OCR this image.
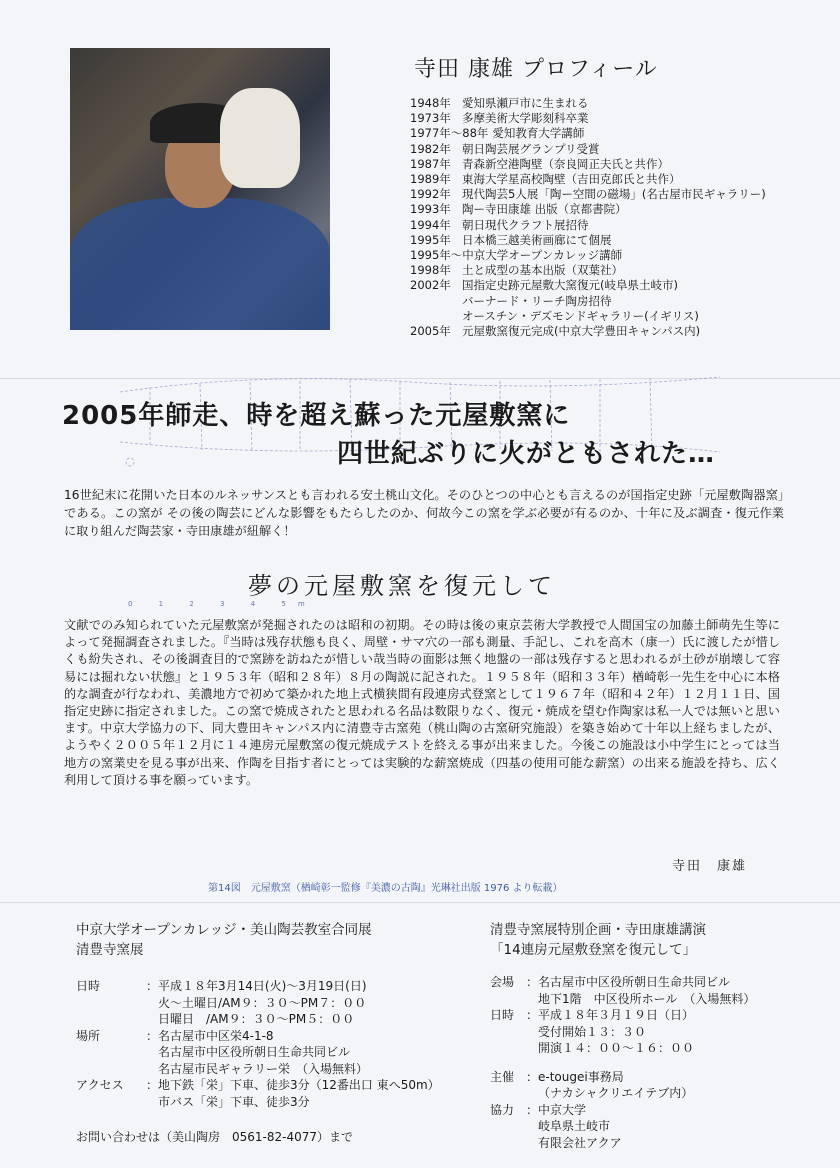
寺田 康雄 プロフィール
1948年 愛知県瀬戸市に生まれる
1973年 多摩美術大学彫刻科卒業
1977年〜88年 愛知教育大学講師
1982年 朝日陶芸展グランプリ受賞
1987年 青森新空港陶壁（奈良岡正夫氏と共作）
1989年 東海大学星高校陶壁（吉田克郎氏と共作）
1992年 現代陶芸5人展「陶ー空間の磁場」(名古屋市民ギャラリー)
1993年 陶ー寺田康雄 出版（京都書院）
1994年 朝日現代クラフト展招待
1995年 日本橋三越美術画廊にて個展
1995年〜 中京大学オープンカレッジ講師
1998年 土と成型の基本出版（双葉社）
2002年 国指定史跡元屋敷大窯復元(岐阜県土岐市)
バーナード・リーチ陶房招待
オースチン・デズモンドギャラリー(イギリス)
2005年 元屋敷窯復元完成(中京大学豊田キャンパス内)
2005年師走、時を超え蘇った元屋敷窯に
四世紀ぶりに火がともされた…
16世紀末に花開いた日本のルネッサンスとも言われる安土桃山文化。そのひとつの中心とも言えるのが国指定史跡「元屋敷陶器窯」である。この窯が その後の陶芸にどんな影響をもたらしたのか、何故今この窯を学ぶ必要が有るのか、十年に及ぶ調査・復元作業に取り組んだ陶芸家・寺田康雄が紐解く！
夢の元屋敷窯を復元して
0 1 2 3 4 5m
文献でのみ知られていた元屋敷窯が発掘されたのは昭和の初期。その時は後の東京芸術大学教授で人間国宝の加藤土師萌先生等によって発掘調査されました。『当時は残存状態も良く、周壁・サマ穴の一部も測量、手記し、これを高木（康一）氏に渡したが惜しくも紛失され、その後調査目的で窯跡を訪ねたが惜しい哉当時の面影は無く地盤の一部は残存すると思われるが土砂が崩壊して容易には掘れない状態』と１９５３年（昭和２８年）８月の陶説に記された。１９５８年（昭和３３年）楢崎彰一先生を中心に本格的な調査が行なわれ、美濃地方で初めて築かれた地上式横狭間有段連房式登窯として１９６７年（昭和４２年）１２月１１日、国指定史跡に指定されました。この窯で焼成されたと思われる名品は数限りなく、復元・焼成を望む作陶家は私一人では無いと思います。中京大学協力の下、同大豊田キャンパス内に清豊寺古窯苑（桃山陶の古窯研究施設）を築き始めて十年以上経ちましたが、ようやく２００５年１２月に１４連房元屋敷窯の復元焼成テストを終える事が出来ました。今後この施設は小中学生にとっては当地方の窯業史を見る事が出来、作陶を目指す者にとっては実験的な薪窯焼成（四基の使用可能な薪窯）の出来る施設を持ち、広く利用して頂ける事を願っています。
寺田　康雄
第14図　元屋敷窯（楢崎彰一監修『美濃の古陶』光琳社出版 1976 より転載）
中京大学オープンカレッジ・美山陶芸教室合同展
清豊寺窯展
日時	： 平成１８年3月14日(火)〜3月19日(日)
火〜土曜日/AM９：３０〜PM７：００
日曜日　/AM９：３０〜PM５：００
場所	： 名古屋市中区栄4-1-8
名古屋市中区役所朝日生命共同ビル
名古屋市民ギャラリー栄　（入場無料）
アクセス	： 地下鉄「栄」下車、徒歩3分（12番出口 東へ50m）
市バス「栄」下車、徒歩3分
お問い合わせは（美山陶房　0561-82-4077）まで
清豊寺窯展特別企画・寺田康雄講演
「14連房元屋敷登窯を復元して」
会場 ： 名古屋市中区役所朝日生命共同ビル
地下1階　中区役所ホール　（入場無料）
日時 ： 平成１８年３月１９日（日）
受付開始１３：３０
開演１４：００〜１６：００
主催 ： e-tougei事務局
（ナカシャクリエイテブ内）
協力 ： 中京大学
岐阜県土岐市
有限会社アクア
